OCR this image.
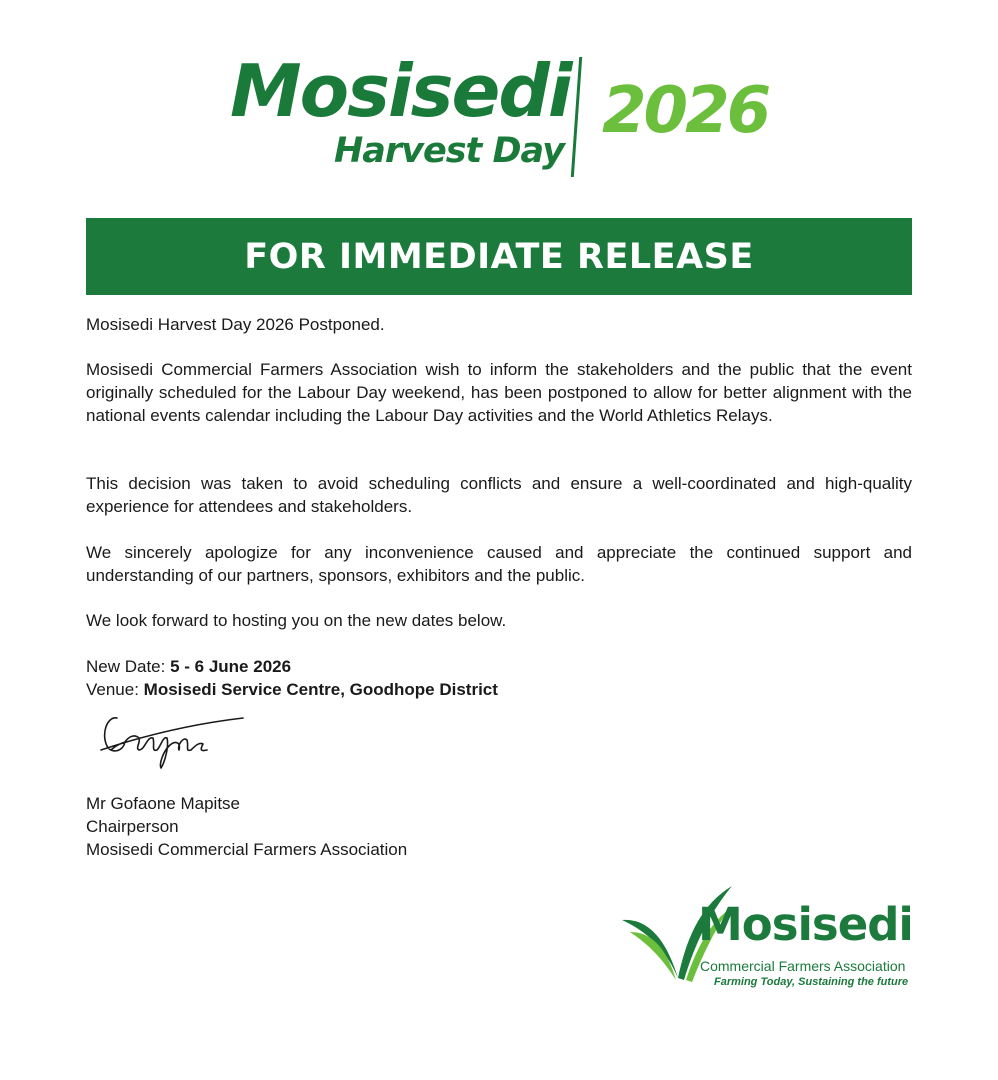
Mosisedi
Harvest Day
2026
FOR IMMEDIATE RELEASE

Mosisedi Harvest Day 2026 Postponed.

Mosisedi Commercial Farmers Association wish to inform the stakeholders and the public that the event originally scheduled for the Labour Day weekend, has been postponed to allow for better alignment with the national events calendar including the Labour Day activities and the World Athletics Relays.

This decision was taken to avoid scheduling conflicts and ensure a well-coordinated and high-quality experience for attendees and stakeholders.

We sincerely apologize for any inconvenience caused and appreciate the continued support and understanding of our partners, sponsors, exhibitors and the public.

We look forward to hosting you on the new dates below.

New Date: 5 - 6 June 2026

Venue: Mosisedi Service Centre, Goodhope District

Mr Gofaone Mapitse
Chairperson
Mosisedi Commercial Farmers Association
Mosisedi
Commercial Farmers Association
Farming Today, Sustaining the future
